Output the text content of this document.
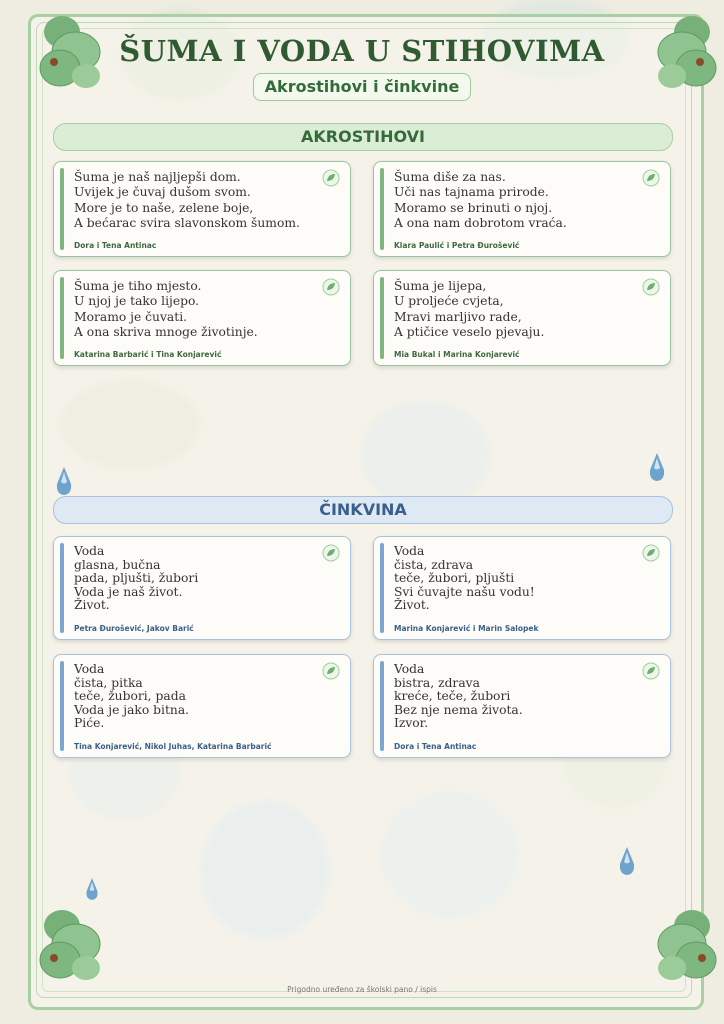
ŠUMA I VODA U STIHOVIMA
Akrostihovi i činkvine
AKROSTIHOVI
ČINKVINA
Šuma je naš najljepši dom.
Uvijek je čuvaj dušom svom.
More je to naše, zelene boje,
A bećarac svira slavonskom šumom.
Dora i Tena Antinac
Šuma diše za nas.
Uči nas tajnama prirode.
Moramo se brinuti o njoj.
A ona nam dobrotom vraća.
Klara Paulić i Petra Đurošević
Šuma je tiho mjesto.
U njoj je tako lijepo.
Moramo je čuvati.
A ona skriva mnoge životinje.
Katarina Barbarić i Tina Konjarević
Šuma je lijepa,
U proljeće cvjeta,
Mravi marljivo rade,
A ptičice veselo pjevaju.
Mia Bukal i Marina Konjarević
Voda
glasna, bučna
pada, pljušti, žubori
Voda je naš život.
Život.
Petra Đurošević, Jakov Barić
Voda
čista, zdrava
teče, žubori, pljušti
Svi čuvajte našu vodu!
Život.
Marina Konjarević i Marin Salopek
Voda
čista, pitka
teče, žubori, pada
Voda je jako bitna.
Piće.
Tina Konjarević, Nikol Juhas, Katarina Barbarić
Voda
bistra, zdrava
kreće, teče, žubori
Bez nje nema života.
Izvor.
Dora i Tena Antinac
Prigodno uređeno za školski pano / ispis
